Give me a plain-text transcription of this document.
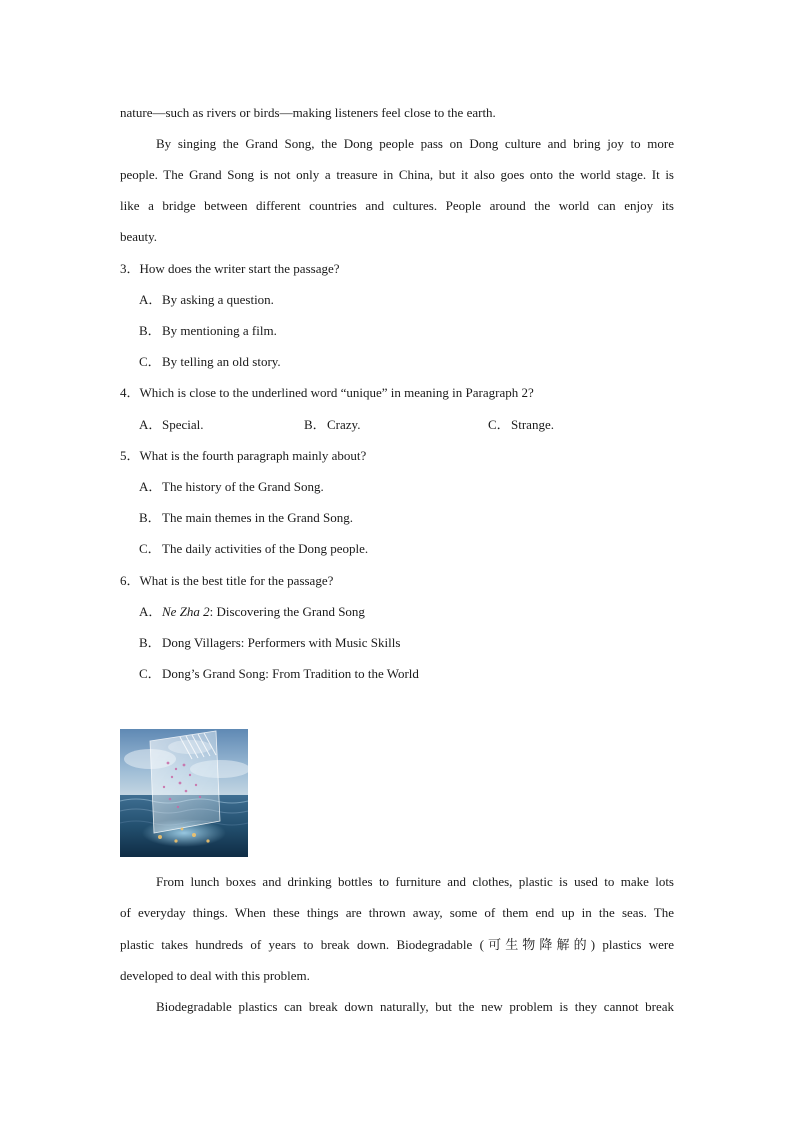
nature—such as rivers or birds—making listeners feel close to the earth.
By singing the Grand Song, the Dong people pass on Dong culture and bring joy to more
people. The Grand Song is not only a treasure in China, but it also goes onto the world stage. It is
like a bridge between different countries and cultures. People around the world can enjoy its
beauty.
3．How does the writer start the passage?
A．By asking a question.
B．By mentioning a film.
C．By telling an old story.
4．Which is close to the underlined word “unique” in meaning in Paragraph 2?
A．Special.	B．Crazy.	C．Strange.
5．What is the fourth paragraph mainly about?
A．The history of the Grand Song.
B．The main themes in the Grand Song.
C．The daily activities of the Dong people.
6．What is the best title for the passage?
A．Ne Zha 2: Discovering the Grand Song
B．Dong Villagers: Performers with Music Skills
C．Dong’s Grand Song: From Tradition to the World
From lunch boxes and drinking bottles to furniture and clothes, plastic is used to make lots
of everyday things. When these things are thrown away, some of them end up in the seas. The
plastic takes hundreds of years to break down. Biodegradable (可生物降解的) plastics were
developed to deal with this problem.
Biodegradable plastics can break down naturally, but the new problem is they cannot break
